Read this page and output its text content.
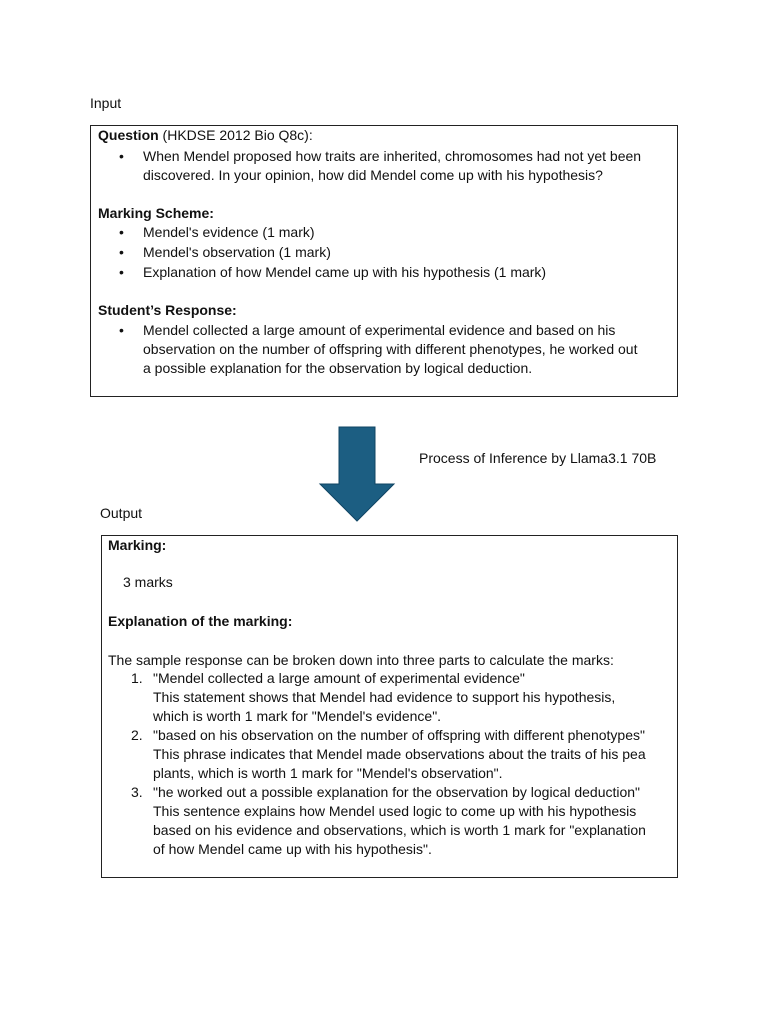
Input
Question (HKDSE 2012 Bio Q8c):
• When Mendel proposed how traits are inherited, chromosomes had not yet been
discovered. In your opinion, how did Mendel come up with his hypothesis?
Marking Scheme:
• Mendel's evidence (1 mark)
• Mendel's observation (1 mark)
• Explanation of how Mendel came up with his hypothesis (1 mark)
Student’s Response:
• Mendel collected a large amount of experimental evidence and based on his
observation on the number of offspring with different phenotypes, he worked out
a possible explanation for the observation by logical deduction.
Process of Inference by Llama3.1 70B
Output
Marking:
3 marks
Explanation of the marking:
The sample response can be broken down into three parts to calculate the marks:
1. "Mendel collected a large amount of experimental evidence"
This statement shows that Mendel had evidence to support his hypothesis,
which is worth 1 mark for "Mendel's evidence".
2. "based on his observation on the number of offspring with different phenotypes"
This phrase indicates that Mendel made observations about the traits of his pea
plants, which is worth 1 mark for "Mendel's observation".
3. "he worked out a possible explanation for the observation by logical deduction"
This sentence explains how Mendel used logic to come up with his hypothesis
based on his evidence and observations, which is worth 1 mark for "explanation
of how Mendel came up with his hypothesis".
